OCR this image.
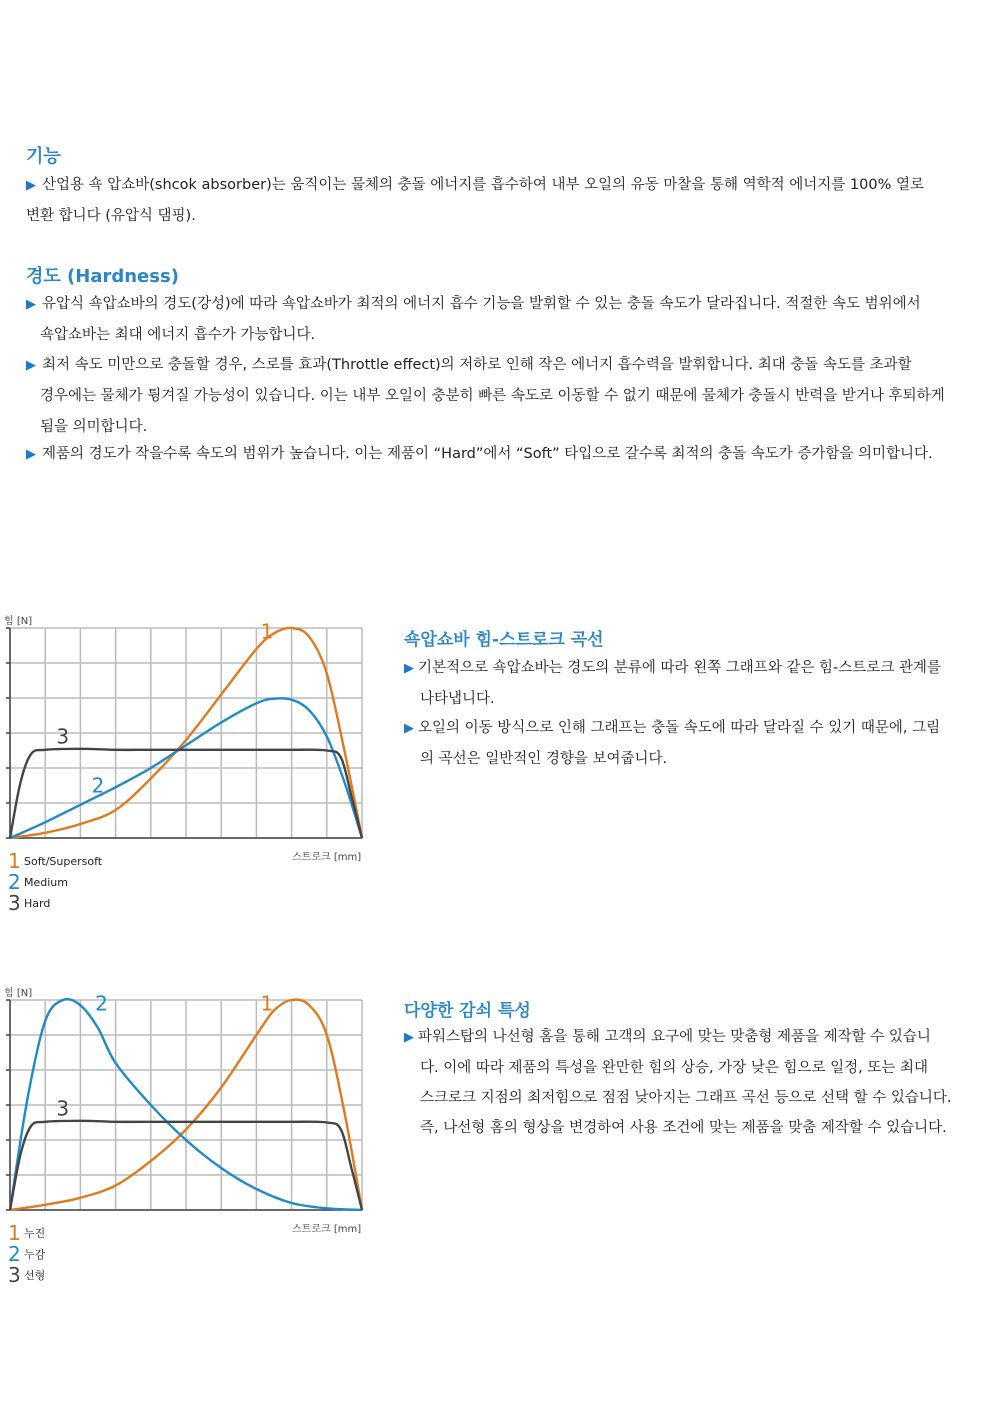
기능

▶ 산업용 쇽 압쇼바(shcok absorber)는 움직이는 물체의 충돌 에너지를 흡수하여 내부 오일의 유동 마찰을 통해 역학적 에너지를 100% 열로
변환 합니다 (유압식 댐핑).

경도 (Hardness)

▶ 유압식 쇽압쇼바의 경도(강성)에 따라 쇽압쇼바가 최적의 에너지 흡수 기능을 발휘할 수 있는 충돌 속도가 달라집니다. 적절한 속도 범위에서
쇽압쇼바는 최대 에너지 흡수가 가능합니다.

▶ 최저 속도 미만으로 충돌할 경우, 스로틀 효과(Throttle effect)의 저하로 인해 작은 에너지 흡수력을 발휘합니다. 최대 충돌 속도를 초과할
경우에는 물체가 튕겨질 가능성이 있습니다. 이는 내부 오일이 충분히 빠른 속도로 이동할 수 없기 때문에 물체가 충돌시 반력을 받거나 후퇴하게
됨을 의미합니다.

▶ 제품의 경도가 작을수록 속도의 범위가 높습니다. 이는 제품이 “Hard”에서 “Soft” 타입으로 갈수록 최적의 충돌 속도가 증가함을 의미합니다.

힘 [N]	1
2
3
스트로크 [mm]
1 Soft/Supersoft
2 Medium
3 Hard
쇽압쇼바 힘-스트로크 곡선

▶ 기본적으로 쇽압쇼바는 경도의 분류에 따라 왼쪽 그래프와 같은 힘-스트로크 관계를
나타냅니다.

▶ 오일의 이동 방식으로 인해 그래프는 충돌 속도에 따라 달라질 수 있기 때문에, 그림
의 곡선은 일반적인 경향을 보여줍니다.

힘 [N]	1
2
3
스트로크 [mm]
1 누진
2 누감
3 선형
다양한 감쇠 특성

▶ 파워스탑의 나선형 홈을 통해 고객의 요구에 맞는 맞춤형 제품을 제작할 수 있습니
다. 이에 따라 제품의 특성을 완만한 힘의 상승, 가장 낮은 힘으로 일정, 또는 최대
스크로크 지점의 최저힘으로 점점 낮아지는 그래프 곡선 등으로 선택 할 수 있습니다.
즉, 나선형 홈의 형상을 변경하여 사용 조건에 맞는 제품을 맞춤 제작할 수 있습니다.
